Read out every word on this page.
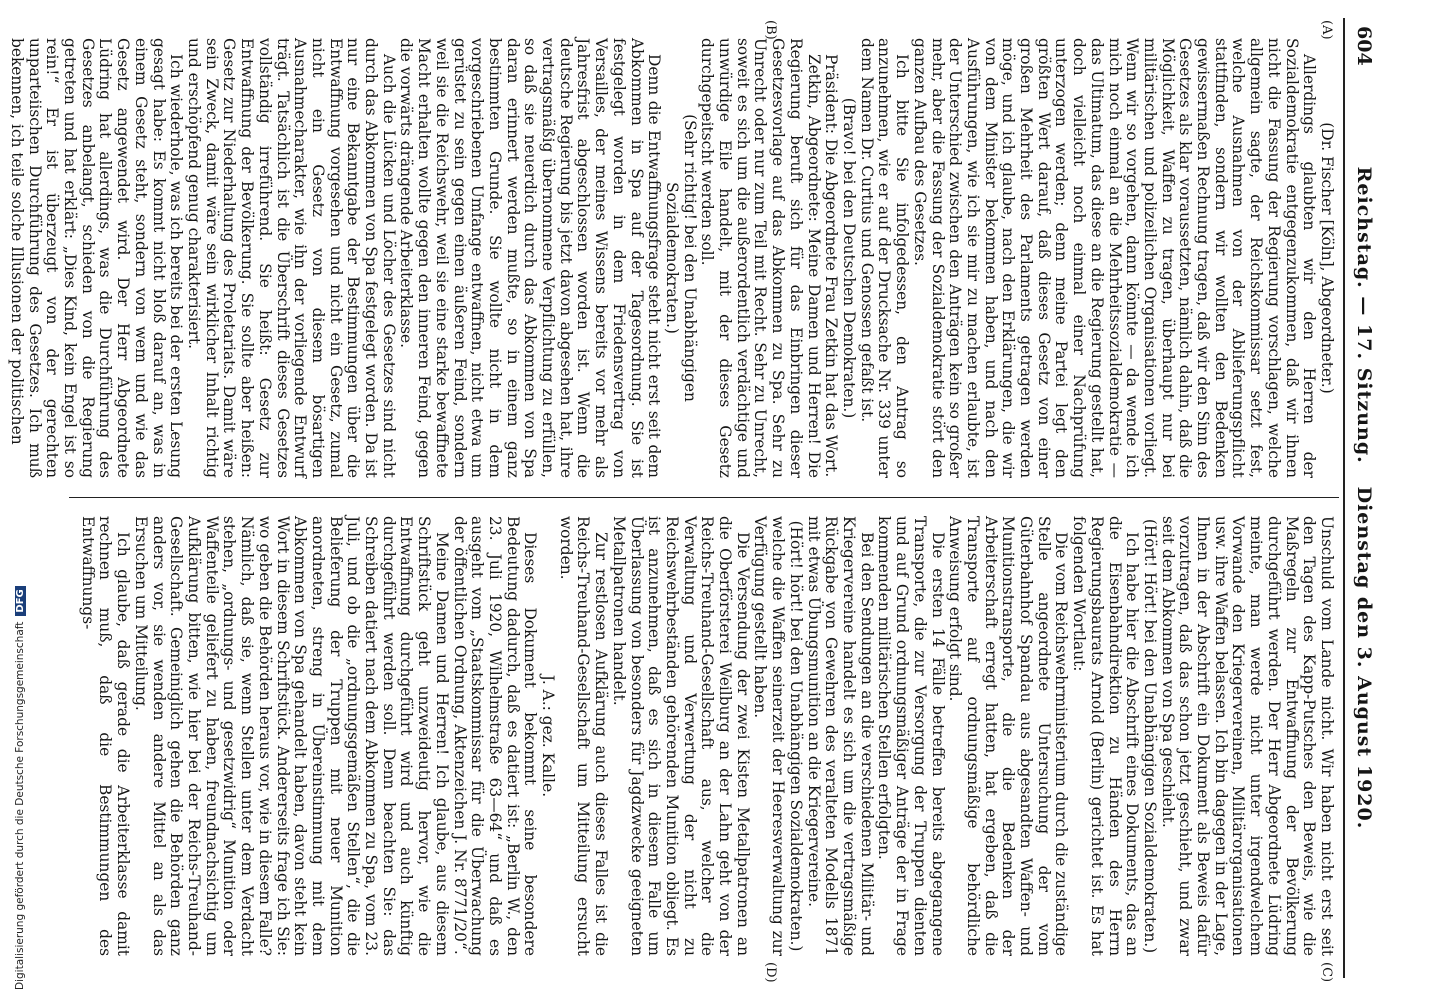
604
Reichstag. — 17. Sitzung.   Dienstag den 3. August 1920.
(A)
(B)

(Dr. Fischer [Köln], Abgeordneter.)

Allerdings glaubten wir den Herren der Sozialdemokratie entgegenzukommen, daß wir ihnen nicht die Fassung der Regierung vorschlagen, welche allgemein sagte, der Reichskommissar setzt fest, welche Ausnahmen von der Ablieferungspflicht stattfinden, sondern wir wollten den Bedenken gewissermaßen Rechnung tragen, daß wir den Sinn des Gesetzes als klar voraussetzten, nämlich dahin, daß die Möglichkeit, Waffen zu tragen, überhaupt nur bei militärischen und polizeilichen Organisationen vorliegt. Wenn wir so vorgehen, dann könnte — da wende ich mich noch einmal an die Mehrheitssozialdemokratie — das Ultimatum, das diese an die Regierung gestellt hat, doch vielleicht noch einmal einer Nachprüfung unterzogen werden; denn meine Partei legt den größten Wert darauf, daß dieses Gesetz von einer großen Mehrheit des Parlaments getragen werden möge, und ich glaube, nach den Erklärungen, die wir von dem Minister bekommen haben, und nach den Ausführungen, wie ich sie mir zu machen erlaubte, ist der Unterschied zwischen den Anträgen kein so großer mehr, aber die Fassung der Sozialdemokratie stört den ganzen Aufbau des Gesetzes.

Ich bitte Sie infolgedessen, den Antrag so anzunehmen, wie er auf der Drucksache Nr. 339 unter dem Namen Dr. Curtius und Genossen gefaßt ist.

(Bravo! bei den Deutschen Demokraten.)

Präsident: Die Abgeordnete Frau Zetkin hat das Wort.

Zetkin, Abgeordnete: Meine Damen und Herren! Die Regierung beruft sich für das Einbringen dieser Gesetzesvorlage auf das Abkommen zu Spa. Sehr zu Unrecht oder nur zum Teil mit Recht. Sehr zu Unrecht, soweit es sich um die außerordentlich verdächtige und unwürdige Eile handelt, mit der dieses Gesetz durchgepeitscht werden soll.

(Sehr richtig! bei den Unabhängigen Sozialdemokraten.)

Denn die Entwaffnungsfrage steht nicht erst seit dem Abkommen in Spa auf der Tagesordnung. Sie ist festgelegt worden in dem Friedensvertrag von Versailles, der meines Wissens bereits vor mehr als Jahresfrist abgeschlossen worden ist. Wenn die deutsche Regierung bis jetzt davon abgesehen hat, ihre vertragsmäßig übernommene Verpflichtung zu erfüllen, so daß sie neuerdich durch das Abkommen von Spa daran erinnert werden mußte, so in einem ganz bestimmten Grunde. Sie wollte nicht in dem vorgeschriebenen Umfange entwaffnen, nicht etwa um gerüstet zu sein gegen einen äußeren Feind, sondern weil sie die Reichswehr, weil sie eine starke bewaffnete Macht erhalten wollte gegen den inneren Feind, gegen die vorwärts drängende Arbeiterklasse.

Auch die Lücken und Löcher des Gesetzes sind nicht durch das Abkommen von Spa festgelegt worden. Da ist nur eine Bekanntgabe der Bestimmungen über die Entwaffnung vorgesehen und nicht ein Gesetz, zumal nicht ein Gesetz von diesem bösartigen Ausnahmecharakter, wie ihn der vorliegende Entwurf trägt. Tatsächlich ist die Überschrift dieses Gesetzes vollständig irreführend. Sie heißt: Gesetz zur Entwaffnung der Bevölkerung. Sie sollte aber heißen: Gesetz zur Niederhaltung des Proletariats. Damit wäre sein Zweck, damit wäre sein wirklicher Inhalt richtig und erschöpfend genug charakterisiert.

Ich wiederhole, was ich bereits bei der ersten Lesung gesagt habe: Es kommt nicht bloß darauf an, was in einem Gesetz steht, sondern von wem und wie das Gesetz angewendet wird. Der Herr Abgeordnete Lüdring hat allerdings, was die Durchführung des Gesetzes anbelangt, schieden von die Regierung getreten und hat erklärt: „Dies Kind, kein Engel ist so rein!“ Er ist überzeugt von der gerechten unparteiischen Durchführung des Gesetzes. Ich muß bekennen, ich teile solche Illusionen der politischen

(C)
(D)

Unschuld vom Lande nicht. Wir haben nicht erst seit den Tagen des Kapp-Putsches den Beweis, wie die Maßregeln zur Entwaffnung der Bevölkerung durchgeführt werden. Der Herr Abgeordnete Lüdring meinte, man werde nicht unter irgendwelchem Vorwande den Kriegervereinen, Militärorganisationen usw. ihre Waffen belassen. Ich bin dagegen in der Lage, Ihnen in der Abschrift ein Dokument als Beweis dafür vorzutragen, daß das schon jetzt geschieht, und zwar seit dem Abkommen von Spa geschieht.

(Hört! Hört! bei den Unabhängigen Sozialdemokraten.)

Ich habe hier die Abschrift eines Dokuments, das an die Eisenbahndirektion zu Händen des Herrn Regierungsbaurats Arnold (Berlin) gerichtet ist. Es hat folgenden Wortlaut:

Die vom Reichswehrministerium durch die zuständige Stelle angeordnete Untersuchung der vom Güterbahnhof Spandau aus abgesandten Waffen- und Munitionstransporte, die die Bedenken der Arbeiterschaft erregt hatten, hat ergeben, daß die Transporte auf ordnungsmäßige behördliche Anweisung erfolgt sind.

Die ersten 14 Fälle betreffen bereits abgegangene Transporte, die zur Versorgung der Truppen dienten und auf Grund ordnungsmäßiger Anträge der in Frage kommenden militärischen Stellen erfolgten.

Bei den Sendungen an die verschiedenen Militär- und Kriegervereine handelt es sich um die vertragsmäßige Rückgabe von Gewehren des veralteten Modells 1871 mit etwas Übungsmunition an die Kriegervereine.

(Hört! hört! bei den Unabhängigen Sozialdemokraten.)

welche die Waffen seinerzeit der Heeresverwaltung zur Verfügung gestellt haben.

Die Versendung der zwei Kisten Metallpatronen an die Oberförsterei Weilburg an der Lahn geht von der Reichs-Treuhand-Gesellschaft aus, welcher die Verwaltung und Verwertung der nicht zu Reichswehrbeständen gehörenden Munition obliegt. Es ist anzunehmen, daß es sich in diesem Falle um Überlassung von besonders für Jagdzwecke geeigneten Metallpatronen handelt.

Zur restlosen Aufklärung auch dieses Falles ist die Reichs-Treuhand-Gesellschaft um Mitteilung ersucht worden.

J. A.: gez. Kalle.

Dieses Dokument bekommt seine besondere Bedeutung dadurch, daß es datiert ist: „Berlin W., den 23. Juli 1920, Wilhelmstraße 63—64“ und daß es ausgeht vom „Staatskommissar für die Überwachung der öffentlichen Ordnung, Aktenzeichen J. Nr. 8771/20“.

Meine Damen und Herren! Ich glaube, aus diesem Schriftstück geht unzweideutig hervor, wie die Entwaffnung durchgeführt wird und auch künftig durchgeführt werden soll. Denn beachten Sie: das Schreiben datiert nach dem Abkommen zu Spa, vom 23. Juli, und ob die „ordnungsgemäßen Stellen“, die die Belieferung der Truppen mit neuer Munition anordneten, streng in Übereinstimmung mit dem Abkommen von Spa gehandelt haben, davon steht kein Wort in diesem Schriftstück. Andererseits frage ich Sie: wo geben die Behörden heraus vor, wie in diesem Falle? Nämlich, daß sie, wenn Stellen unter dem Verdacht stehen, „ordnungs- und gesetzwidrig“ Munition oder Waffenteile geliefert zu haben, freundnachsichtig um Aufklärung bitten, wie hier bei der Reichs-Treuhand-Gesellschaft. Gemeiniglich gehen die Behörden ganz anders vor, sie wenden andere Mittel an als das Ersuchen um Mitteilung.

Ich glaube, daß gerade die Arbeiterklasse damit rechnen muß, daß die Bestimmungen des Entwaffnungs-

Digitalisierung gefördert durch die Deutsche ForschungsgemeinschaftDFG
